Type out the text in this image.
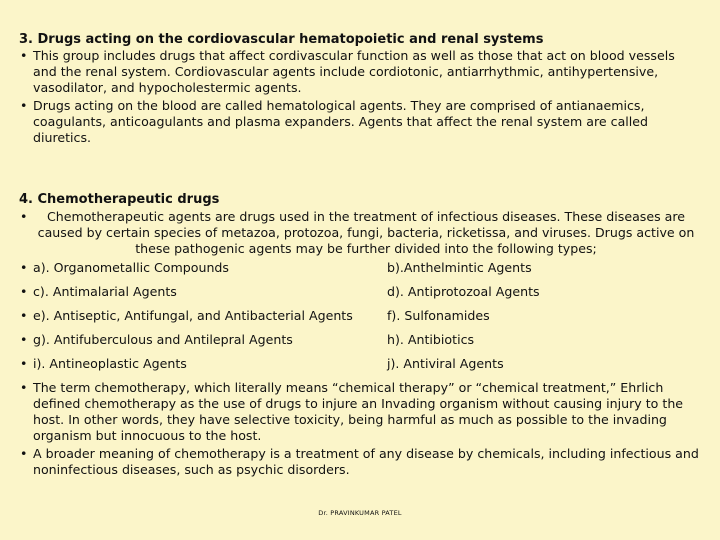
3. Drugs acting on the cordiovascular hematopoietic and renal systems
• This group includes drugs that affect cordivascular function as well as those that act on blood vessels and the renal system. Cordiovascular agents include cordiotonic, antiarrhythmic, antihypertensive, vasodilator, and hypocholestermic agents.
• Drugs acting on the blood are called hematological agents. They are comprised of antianaemics, coagulants, anticoagulants and plasma expanders. Agents that affect the renal system are called diuretics.
4. Chemotherapeutic drugs
• Chemotherapeutic agents are drugs used in the treatment of infectious diseases. These diseases are caused by certain species of metazoa, protozoa, fungi, bacteria, ricketissa, and viruses. Drugs active on these pathogenic agents may be further divided into the following types;
• a). Organometallic Compounds	b).Anthelmintic Agents
• c). Antimalarial Agents	d). Antiprotozoal Agents
• e). Antiseptic, Antifungal, and Antibacterial Agents	f). Sulfonamides
• g). Antifuberculous and Antilepral Agents	h). Antibiotics
• i). Antineoplastic Agents	j). Antiviral Agents
• The term chemotherapy, which literally means “chemical therapy” or “chemical treatment,” Ehrlich defined chemotherapy as the use of drugs to injure an Invading organism without causing injury to the host. In other words, they have selective toxicity, being harmful as much as possible to the invading organism but innocuous to the host.
• A broader meaning of chemotherapy is a treatment of any disease by chemicals, including infectious and noninfectious diseases, such as psychic disorders.
Dr. PRAVINKUMAR PATEL
